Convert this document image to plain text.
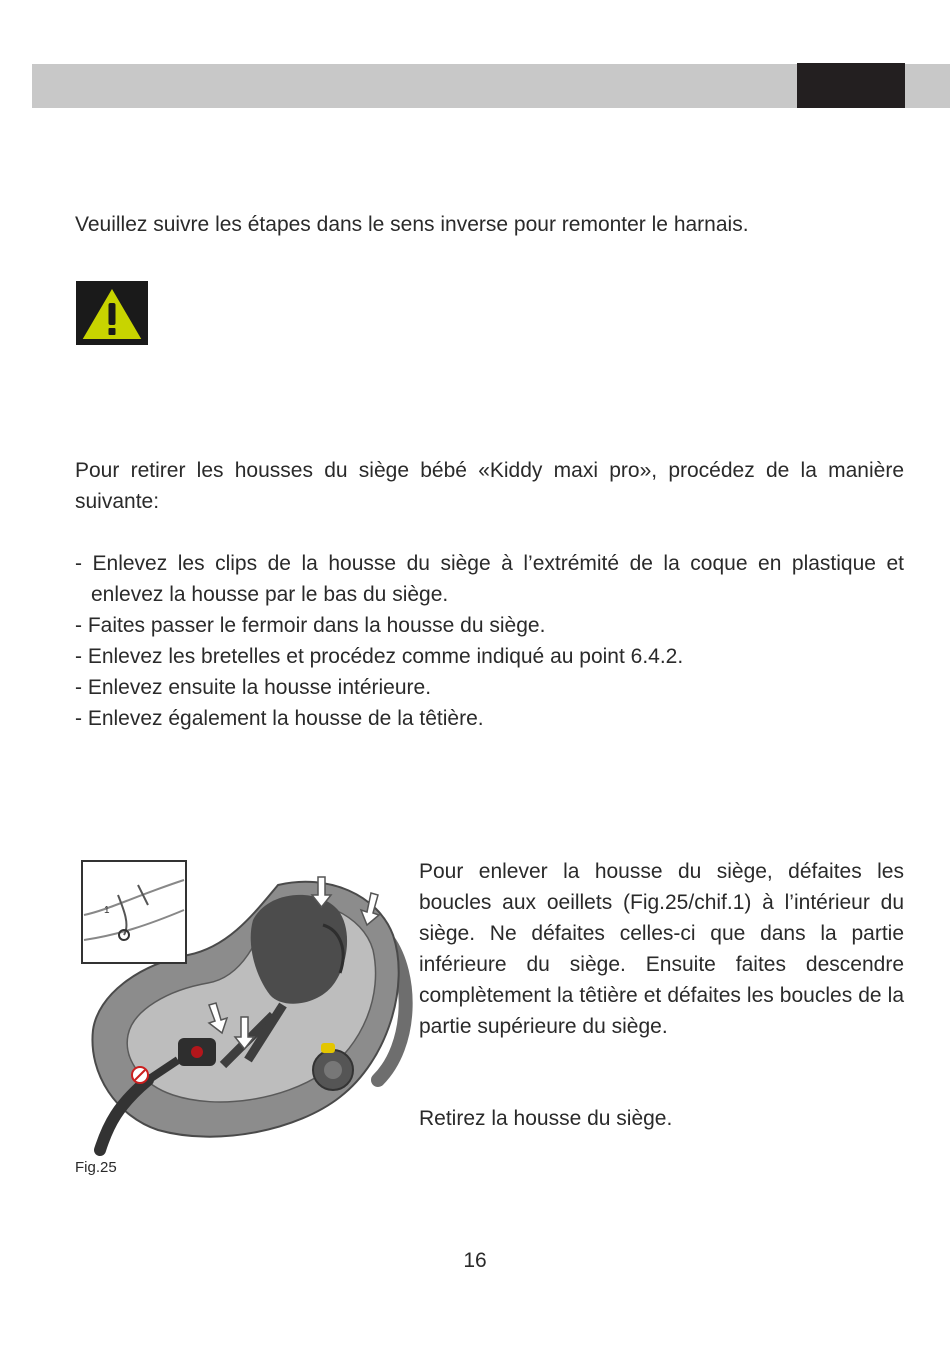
Veuillez suivre les étapes dans le sens inverse pour remonter le harnais.

Pour retirer les housses du siège bébé «Kiddy maxi pro», procédez de la manière suivante:

- Enlevez les clips de la housse du siège à l’extrémité de la coque en plastique et enlevez la housse par le bas du siège.
- Faites passer le fermoir dans la housse du siège.
- Enlevez les bretelles et procédez comme indiqué au point 6.4.2.
- Enlevez ensuite la housse intérieure.
- Enlevez également la housse de la têtière.
1
Fig.25

Pour enlever la housse du siège, défaites les boucles aux oeillets (Fig.25/chif.1) à l’intérieur du siège. Ne défaites celles-ci que dans la partie inférieure du siège. Ensuite faites descendre complètement la têtière et défaites les boucles de la partie supérieure du siège.

Retirez la housse du siège.

16
